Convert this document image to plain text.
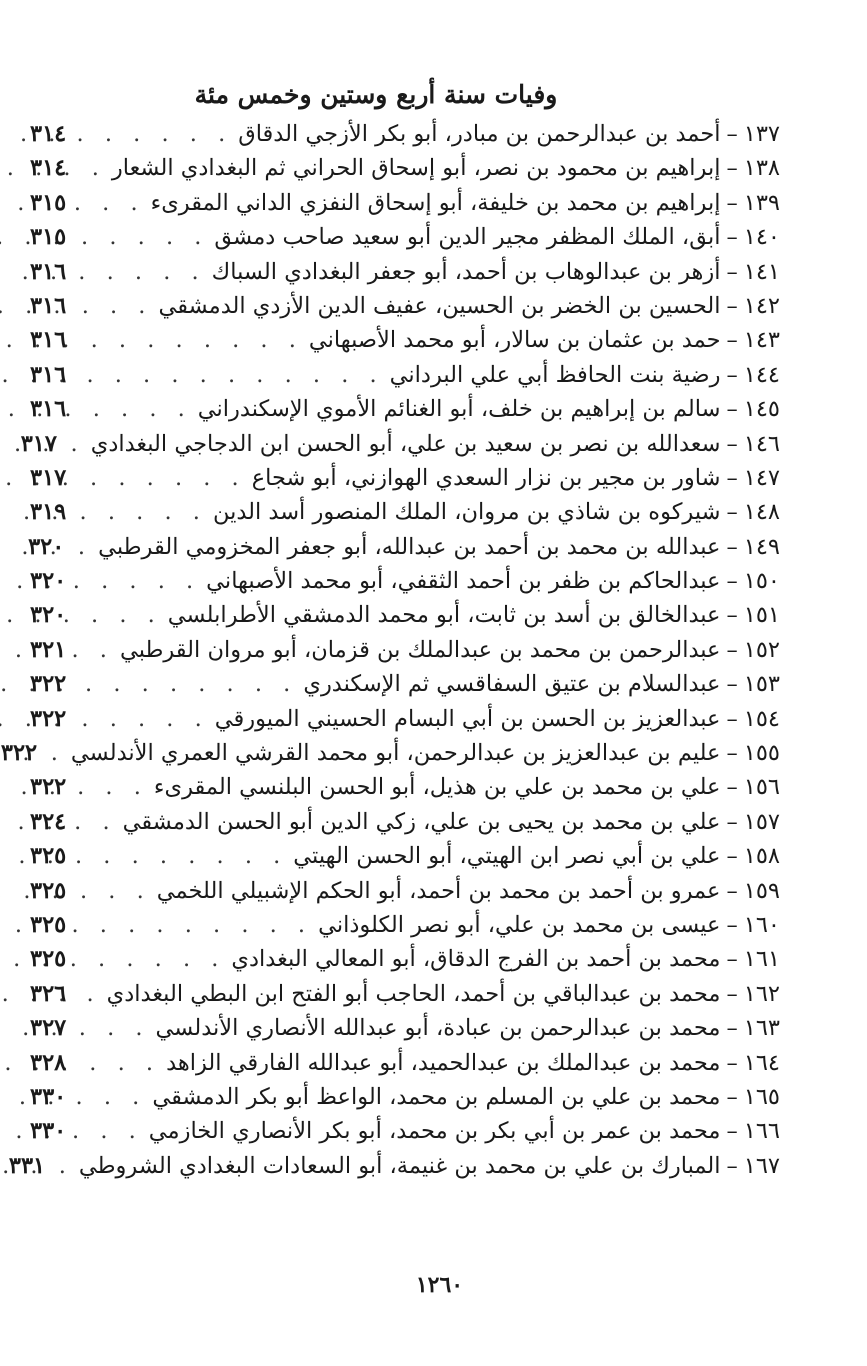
وفيات سنة أربع وستين وخمس مئة
١٣٧
–
أحمد بن عبدالرحمن بن مبادر، أبو بكر الأزجي الدقاق
. . .
٣١٤
١٣٨
–
إبراهيم بن محمود بن نصر، أبو إسحاق الحراني ثم البغدادي الشعار
. . .
٣١٤
١٣٩
–
إبراهيم بن محمد بن خليفة، أبو إسحاق النفزي الداني المقرىء
. . .
٣١٥
١٤٠
–
أبق، الملك المظفر مجير الدين أبو سعيد صاحب دمشق
. . .
٣١٥
١٤١
–
أزهر بن عبدالوهاب بن أحمد، أبو جعفر البغدادي السباك
. . .
٣١٦
١٤٢
–
الحسين بن الخضر بن الحسين، عفيف الدين الأزدي الدمشقي
. . .
٣١٦
١٤٣
–
حمد بن عثمان بن سالار، أبو محمد الأصبهاني
. . .
٣١٦
١٤٤
–
رضية بنت الحافظ أبي علي البرداني
. . .
٣١٦
١٤٥
–
سالم بن إبراهيم بن خلف، أبو الغنائم الأموي الإسكندراني
. . .
٣١٦
١٤٦
–
سعدالله بن نصر بن سعيد بن علي، أبو الحسن ابن الدجاجي البغدادي
. . .
٣١٧
١٤٧
–
شاور بن مجير بن نزار السعدي الهوازني، أبو شجاع
. . .
٣١٧
١٤٨
–
شيركوه بن شاذي بن مروان، الملك المنصور أسد الدين
. . .
٣١٩
١٤٩
–
عبدالله بن محمد بن أحمد بن عبدالله، أبو جعفر المخزومي القرطبي
. . .
٣٢٠
١٥٠
–
عبدالحاكم بن ظفر بن أحمد الثقفي، أبو محمد الأصبهاني
. . .
٣٢٠
١٥١
–
عبدالخالق بن أسد بن ثابت، أبو محمد الدمشقي الأطرابلسي
. . .
٣٢٠
١٥٢
–
عبدالرحمن بن محمد بن عبدالملك بن قزمان، أبو مروان القرطبي
. . .
٣٢١
١٥٣
–
عبدالسلام بن عتيق السفاقسي ثم الإسكندري
. . .
٣٢٢
١٥٤
–
عبدالعزيز بن الحسن بن أبي البسام الحسيني الميورقي
. . .
٣٢٢
١٥٥
–
عليم بن عبدالعزيز بن عبدالرحمن، أبو محمد القرشي العمري الأندلسي
. . .
٣٢٢
١٥٦
–
علي بن محمد بن علي بن هذيل، أبو الحسن البلنسي المقرىء
. . .
٣٢٢
١٥٧
–
علي بن محمد بن يحيى بن علي، زكي الدين أبو الحسن الدمشقي
. . .
٣٢٤
١٥٨
–
علي بن أبي نصر ابن الهيتي، أبو الحسن الهيتي
. . .
٣٢٥
١٥٩
–
عمرو بن أحمد بن محمد بن أحمد، أبو الحكم الإشبيلي اللخمي
. . .
٣٢٥
١٦٠
–
عيسى بن محمد بن علي، أبو نصر الكلوذاني
. . .
٣٢٥
١٦١
–
محمد بن أحمد بن الفرج الدقاق، أبو المعالي البغدادي
. . .
٣٢٥
١٦٢
–
محمد بن عبدالباقي بن أحمد، الحاجب أبو الفتح ابن البطي البغدادي
. . .
٣٢٦
١٦٣
–
محمد بن عبدالرحمن بن عبادة، أبو عبدالله الأنصاري الأندلسي
. . .
٣٢٧
١٦٤
–
محمد بن عبدالملك بن عبدالحميد، أبو عبدالله الفارقي الزاهد
. . .
٣٢٨
١٦٥
–
محمد بن علي بن المسلم بن محمد، الواعظ أبو بكر الدمشقي
. . .
٣٣٠
١٦٦
–
محمد بن عمر بن أبي بكر بن محمد، أبو بكر الأنصاري الخازمي
. . .
٣٣٠
١٦٧
–
المبارك بن علي بن محمد بن غنيمة، أبو السعادات البغدادي الشروطي
. . .
٣٣١
١٢٦٠
